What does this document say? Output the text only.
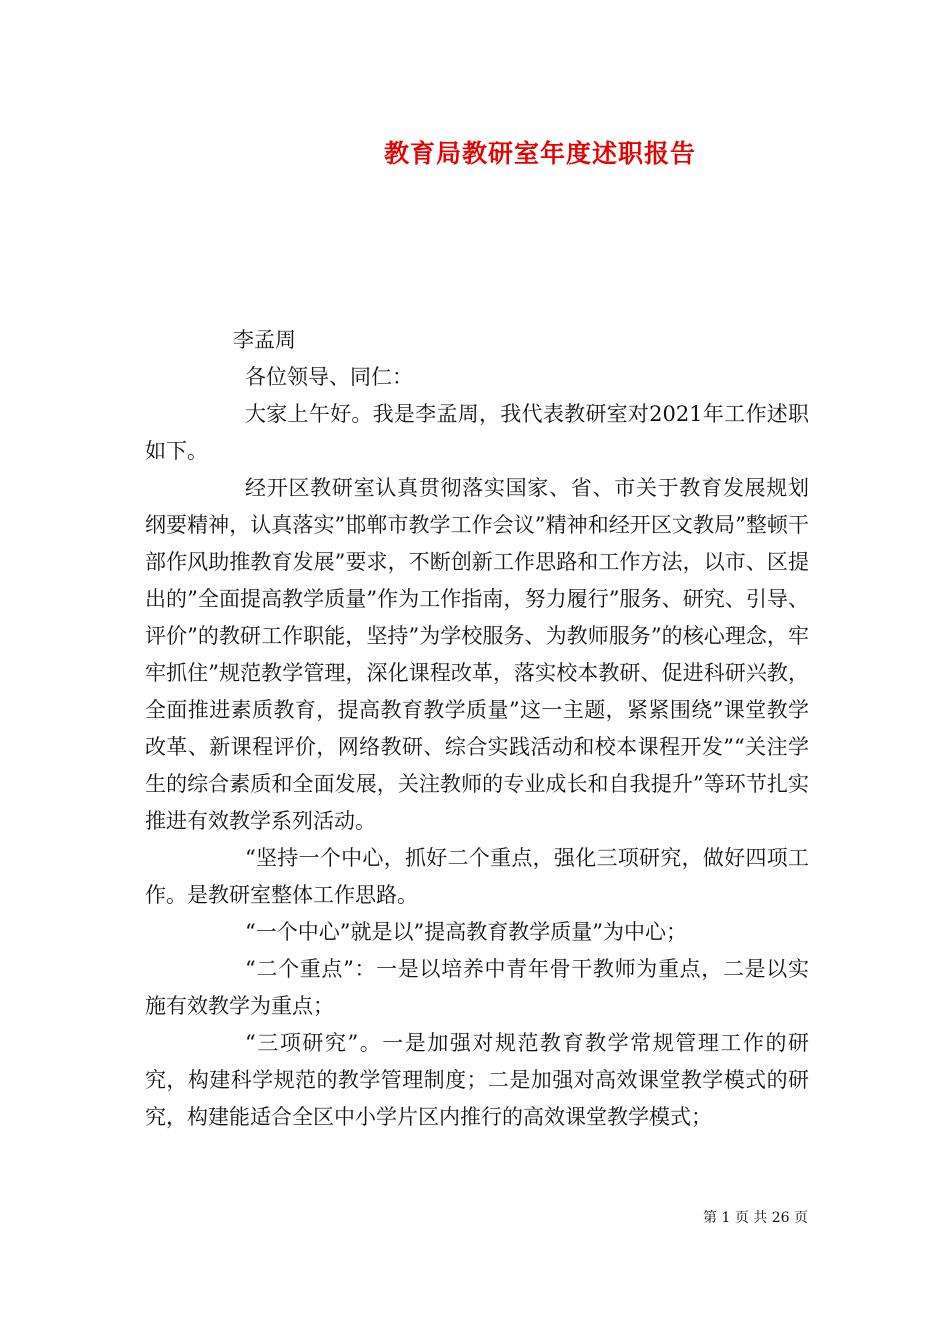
教育局教研室年度述职报告

李孟周

各位领导、同仁：

大家上午好。我是李孟周，我代表教研室对2021年工作述职如下。

经开区教研室认真贯彻落实国家、省、市关于教育发展规划纲要精神，认真落实”邯郸市教学工作会议”精神和经开区文教局”整顿干部作风助推教育发展”要求，不断创新工作思路和工作方法，以市、区提出的”全面提高教学质量”作为工作指南，努力履行”服务、研究、引导、评价”的教研工作职能，坚持”为学校服务、为教师服务”的核心理念，牢牢抓住”规范教学管理，深化课程改革，落实校本教研、促进科研兴教，全面推进素质教育，提高教育教学质量”这一主题，紧紧围绕”课堂教学改革、新课程评价，网络教研、综合实践活动和校本课程开发”“关注学生的综合素质和全面发展，关注教师的专业成长和自我提升”等环节扎实推进有效教学系列活动。

“坚持一个中心，抓好二个重点，强化三项研究，做好四项工作。是教研室整体工作思路。

“一个中心”就是以”提高教育教学质量”为中心；

“二个重点”：一是以培养中青年骨干教师为重点，二是以实施有效教学为重点；

“三项研究”。一是加强对规范教育教学常规管理工作的研究，构建科学规范的教学管理制度；二是加强对高效课堂教学模式的研究，构建能适合全区中小学片区内推行的高效课堂教学模式；

第 1 页 共 26 页
